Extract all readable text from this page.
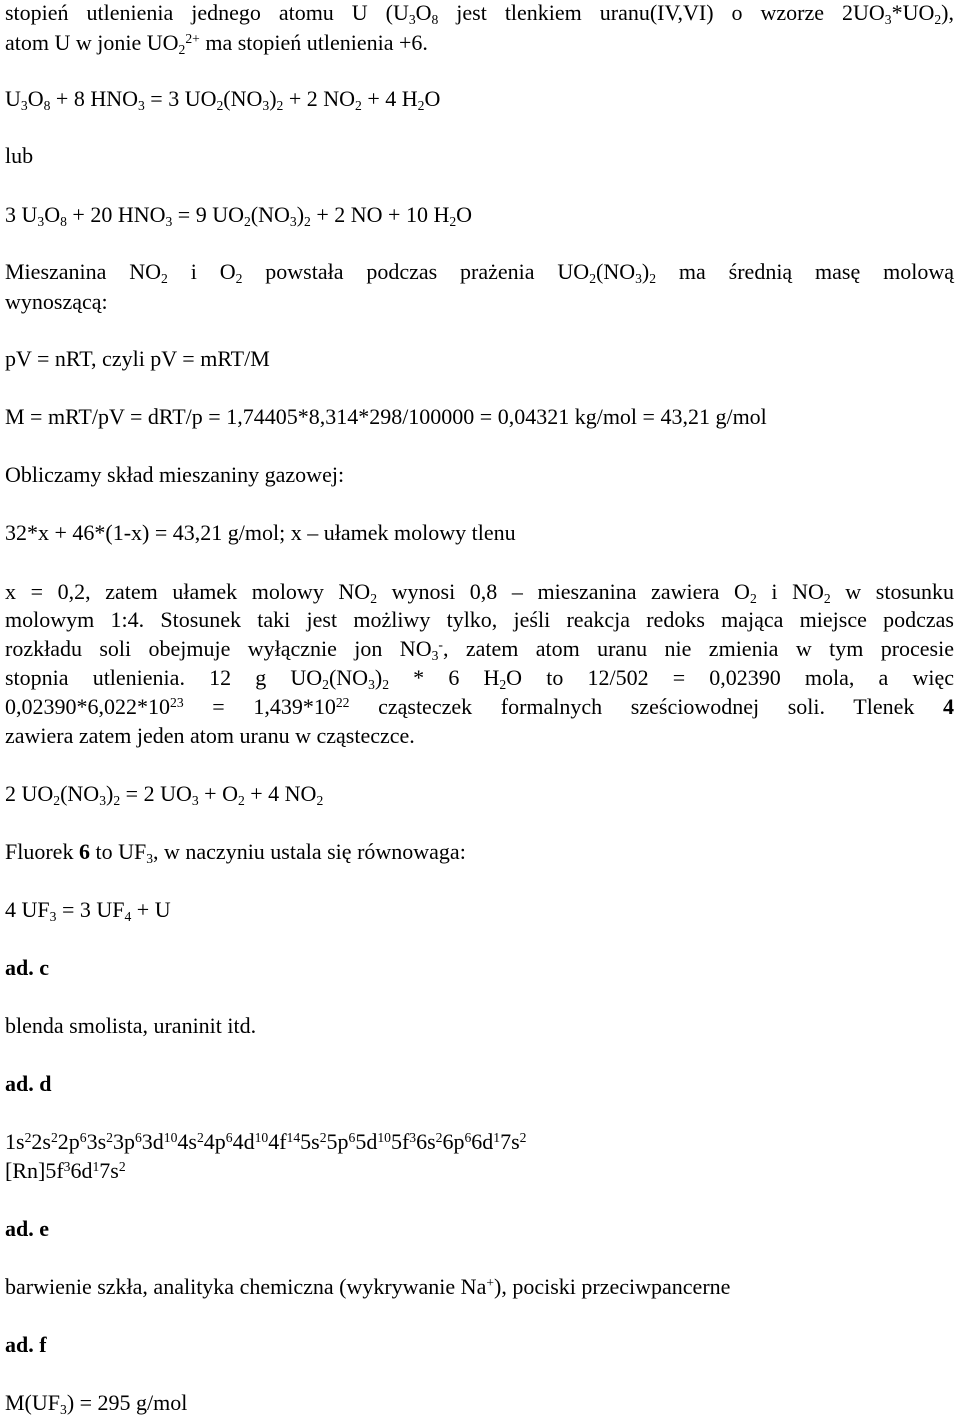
stopień utlenienia jednego atomu U ($U_3O_8$ jest tlenkiem uranu(IV,VI) o wzorze $2UO_3*UO_2$),
atom U w jonie $UO_2^{2+}$ ma stopień utlenienia +6.
$U_3O_8 + 8$ $HNO_3 = 3$ $UO_2(NO_3)_2 + 2$ $NO_2 + 4$ $H_2O$
lub
3 $U_3O_8 + 20$ $HNO_3 = 9$ $UO_2(NO_3)_2 + 2$ NO + 10 $H_2O$
Mieszanina $NO_2$ i $O_2$ powstała podczas prażenia $UO_2(NO_3)_2$ ma średnią masę molową
wynoszącą:
pV = nRT, czyli pV = mRT/M
M = mRT/pV = dRT/p = 1,74405*8,314*298/100000 = 0,04321 kg/mol = 43,21 g/mol
Obliczamy skład mieszaniny gazowej:
32*x + 46*(1-x) = 43,21 g/mol; x – ułamek molowy tlenu
x = 0,2, zatem ułamek molowy $NO_2$ wynosi 0,8 – mieszanina zawiera $O_2$ i $NO_2$ w stosunku
molowym 1:4. Stosunek taki jest możliwy tylko, jeśli reakcja redoks mająca miejsce podczas
rozkładu soli obejmuje wyłącznie jon $NO_3^-$, zatem atom uranu nie zmienia w tym procesie
stopnia utlenienia. 12 g $UO_2(NO_3)_2 * 6$ $H_2O$ to 12/502 = 0,02390 mola, a więc
$0,02390*6,022*10^{23} = 1,439*10^{22}$ cząsteczek formalnych sześciowodnej soli. Tlenek 4
zawiera zatem jeden atom uranu w cząsteczce.
2 $UO_2(NO_3)_2 = 2$ $UO_3 + O_2 + 4$ $NO_2$
Fluorek 6 to $UF_3$, w naczyniu ustala się równowaga:
4 $UF_3 = 3$ $UF_4 + U$
ad. c
blenda smolista, uraninit itd.
ad. d
$1s^22s^22p^63s^23p^63d^{10}4s^24p^64d^{10}4f^{14}5s^25p^65d^{10}5f^36s^26p^66d^17s^2$
$[Rn]5f^36d^17s^2$
ad. e
barwienie szkła, analityka chemiczna (wykrywanie Na+), pociski przeciwpancerne
ad. f
$M(UF_3) = 295$ g/mol
